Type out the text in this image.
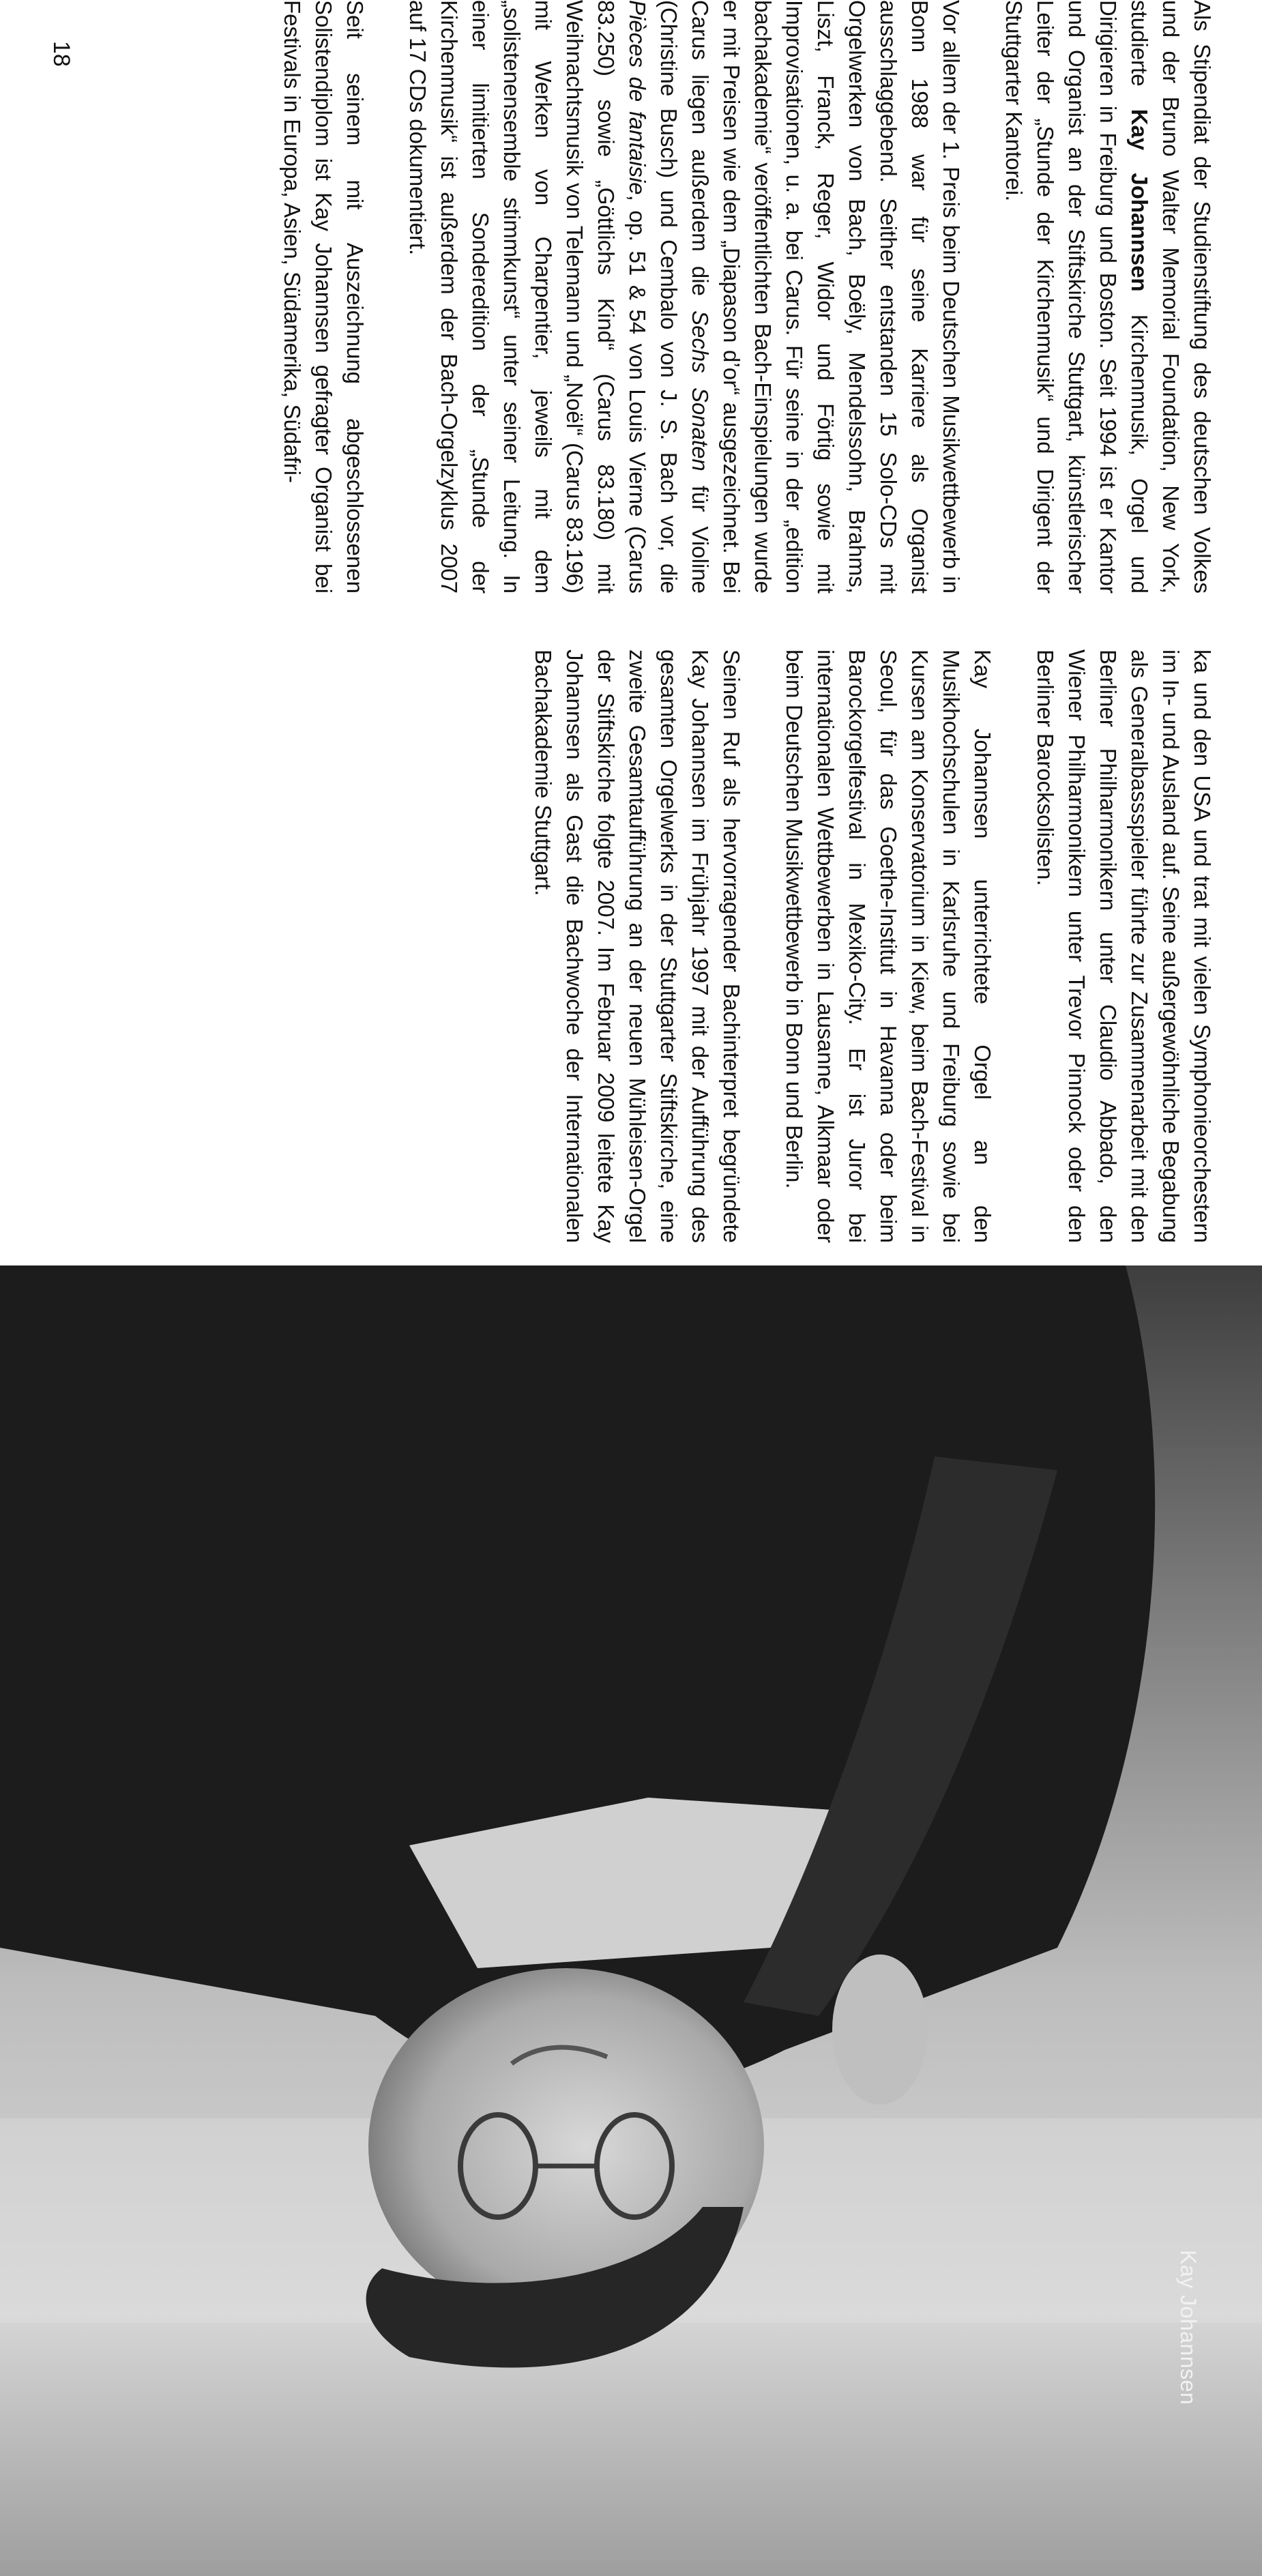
Als Stipendiat der Studienstiftung des deutschen Volkes und der Bruno Walter Memorial Foundation, New York, studierte Kay Johannsen Kirchenmusik, Orgel und Dirigieren in Freiburg und Boston. Seit 1994 ist er Kantor und Organist an der Stiftskirche Stuttgart, künstlerischer Leiter der „Stunde der Kirchenmusik“ und Dirigent der Stuttgarter Kantorei.

Vor allem der 1. Preis beim Deutschen Musikwettbewerb in Bonn 1988 war für seine Karriere als Organist ausschlaggebend. Seither entstanden 15 Solo-CDs mit Orgelwerken von Bach, Boëly, Mendelssohn, Brahms, Liszt, Franck, Reger, Widor und Förtig sowie mit Improvisationen, u. a. bei Carus. Für seine in der „edition bachakademie“ veröffentlichten Bach-Einspielungen wurde er mit Preisen wie dem „Diapason d’or“ ausgezeichnet. Bei Carus liegen außerdem die Sechs Sonaten für Violine (Christine Busch) und Cembalo von J. S. Bach vor, die Pièces de fantaisie, op. 51 & 54 von Louis Vierne (Carus 83.250) sowie „Göttlichs Kind“ (Carus 83.180) mit Weihnachtsmusik von Telemann und „Noël“ (Carus 83.196) mit Werken von Charpentier, jeweils mit dem „solistenensemble stimmkunst“ unter seiner Leitung. In einer limitierten Sonderedition der „Stunde der Kirchenmusik“ ist außerdem der Bach-Orgelzyklus 2007 auf 17 CDs dokumentiert.

Seit seinem mit Auszeichnung abgeschlossenen Solistendiplom ist Kay Johannsen gefragter Organist bei Festivals in Europa, Asien, Südamerika, Südafri-

ka und den USA und trat mit vielen Symphonieorchestern im In- und Ausland auf. Seine außergewöhnliche Begabung als Generalbassspieler führte zur Zusammenarbeit mit den Berliner Philharmonikern unter Claudio Abbado, den Wiener Philharmonikern unter Trevor Pinnock oder den Berliner Barocksolisten.

Kay Johannsen unterrichtete Orgel an den Musikhochschulen in Karlsruhe und Freiburg sowie bei Kursen am Konservatorium in Kiew, beim Bach-Festival in Seoul, für das Goethe-Institut in Havanna oder beim Barockorgelfestival in Mexiko-City. Er ist Juror bei internationalen Wettbewerben in Lausanne, Alkmaar oder beim Deutschen Musikwettbewerb in Bonn und Berlin.

Seinen Ruf als hervorragender Bachinterpret begründete Kay Johannsen im Frühjahr 1997 mit der Aufführung des gesamten Orgelwerks in der Stuttgarter Stiftskirche, eine zweite Gesamtaufführung an der neuen Mühleisen-Orgel der Stiftskirche folgte 2007. Im Februar 2009 leitete Kay Johannsen als Gast die Bachwoche der Internationalen Bachakademie Stuttgart.

18
Kay Johannsen
